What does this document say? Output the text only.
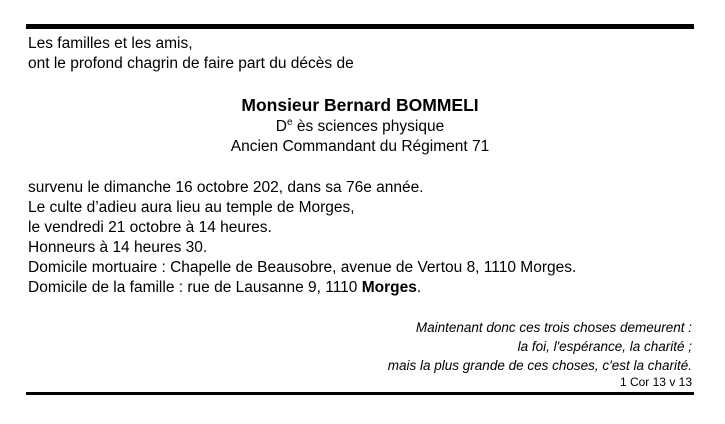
Les familles et les amis,
ont le profond chagrin de faire part du décès de
Monsieur Bernard BOMMELI
De ès sciences physique
Ancien Commandant du Régiment 71
survenu le dimanche 16 octobre 202, dans sa 76e année.
Le culte d’adieu aura lieu au temple de Morges,
le vendredi 21 octobre à 14 heures.
Honneurs à 14 heures 30.
Domicile mortuaire : Chapelle de Beausobre, avenue de Vertou 8, 1110 Morges.
Domicile de la famille : rue de Lausanne 9, 1110 Morges.
Maintenant donc ces trois choses demeurent :
la foi, l'espérance, la charité ;
mais la plus grande de ces choses, c'est la charité.
1 Cor 13 v 13
